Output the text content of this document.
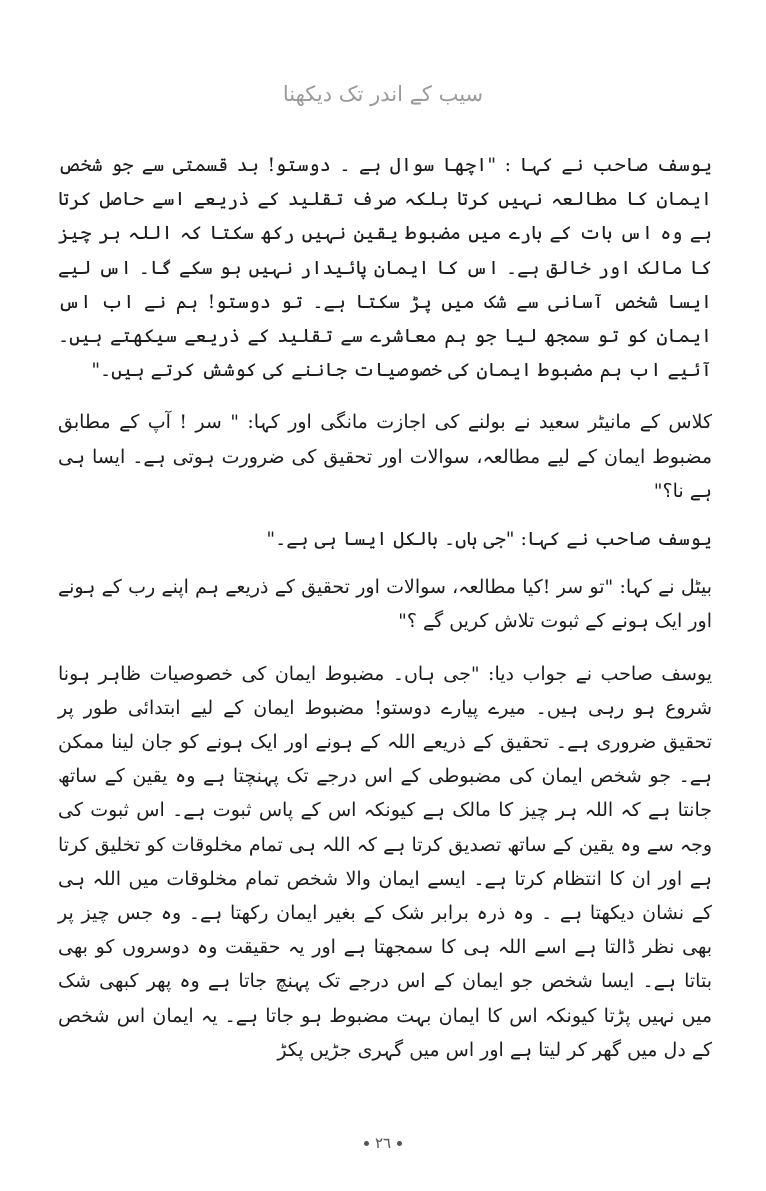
سیب کے اندر تک دیکھنا

یوسف صاحب نے کہا : "اچھا سوال ہے ۔ دوستو! بد قسمتی سے جو شخص ایمان کا مطالعہ نہیں کرتا بلکہ صرف تقلید کے ذریعے اسے حاصل کرتا ہے وہ اس بات کے بارے میں مضبوط یقین نہیں رکھ سکتا کہ اللہ ہر چیز کا مالک اور خالق ہے۔ اس کا ایمان پائیدار نہیں ہو سکے گا۔ اس لیے ایسا شخص آسانی سے شک میں پڑ سکتا ہے۔ تو دوستو! ہم نے اب اس ایمان کو تو سمجھ لیا جو ہم معاشرے سے تقلید کے ذریعے سیکھتے ہیں۔ آئیے اب ہم مضبوط ایمان کی خصوصیات جاننے کی کوشش کرتے ہیں۔"

کلاس کے مانیٹر سعید نے بولنے کی اجازت مانگی اور کہا: " سر ! آپ کے مطابق مضبوط ایمان کے لیے مطالعہ، سوالات اور تحقیق کی ضرورت ہوتی ہے۔ ایسا ہی ہے نا؟"

یوسف صاحب نے کہا: "جی ہاں۔ بالکل ایسا ہی ہے۔"

بیٹل نے کہا: "تو سر !کیا مطالعہ، سوالات اور تحقیق کے ذریعے ہم اپنے رب کے ہونے اور ایک ہونے کے ثبوت تلاش کریں گے ؟"

یوسف صاحب نے جواب دیا: "جی ہاں۔ مضبوط ایمان کی خصوصیات ظاہر ہونا شروع ہو رہی ہیں۔ میرے پیارے دوستو! مضبوط ایمان کے لیے ابتدائی طور پر تحقیق ضروری ہے۔ تحقیق کے ذریعے اللہ کے ہونے اور ایک ہونے کو جان لینا ممکن ہے۔ جو شخص ایمان کی مضبوطی کے اس درجے تک پہنچتا ہے وہ یقین کے ساتھ جانتا ہے کہ اللہ ہر چیز کا مالک ہے کیونکہ اس کے پاس ثبوت ہے۔ اس ثبوت کی وجہ سے وہ یقین کے ساتھ تصدیق کرتا ہے کہ اللہ ہی تمام مخلوقات کو تخلیق کرتا ہے اور ان کا انتظام کرتا ہے۔ ایسے ایمان والا شخص تمام مخلوقات میں اللہ ہی کے نشان دیکھتا ہے ۔ وہ ذرہ برابر شک کے بغیر ایمان رکھتا ہے۔ وہ جس چیز پر بھی نظر ڈالتا ہے اسے اللہ ہی کا سمجھتا ہے اور یہ حقیقت وہ دوسروں کو بھی بتاتا ہے۔ ایسا شخص جو ایمان کے اس درجے تک پہنچ جاتا ہے وہ پھر کبھی شک میں نہیں پڑتا کیونکہ اس کا ایمان بہت مضبوط ہو جاتا ہے۔ یہ ایمان اس شخص کے دل میں گھر کر لیتا ہے اور اس میں گہری جڑیں پکڑ

٢٦
